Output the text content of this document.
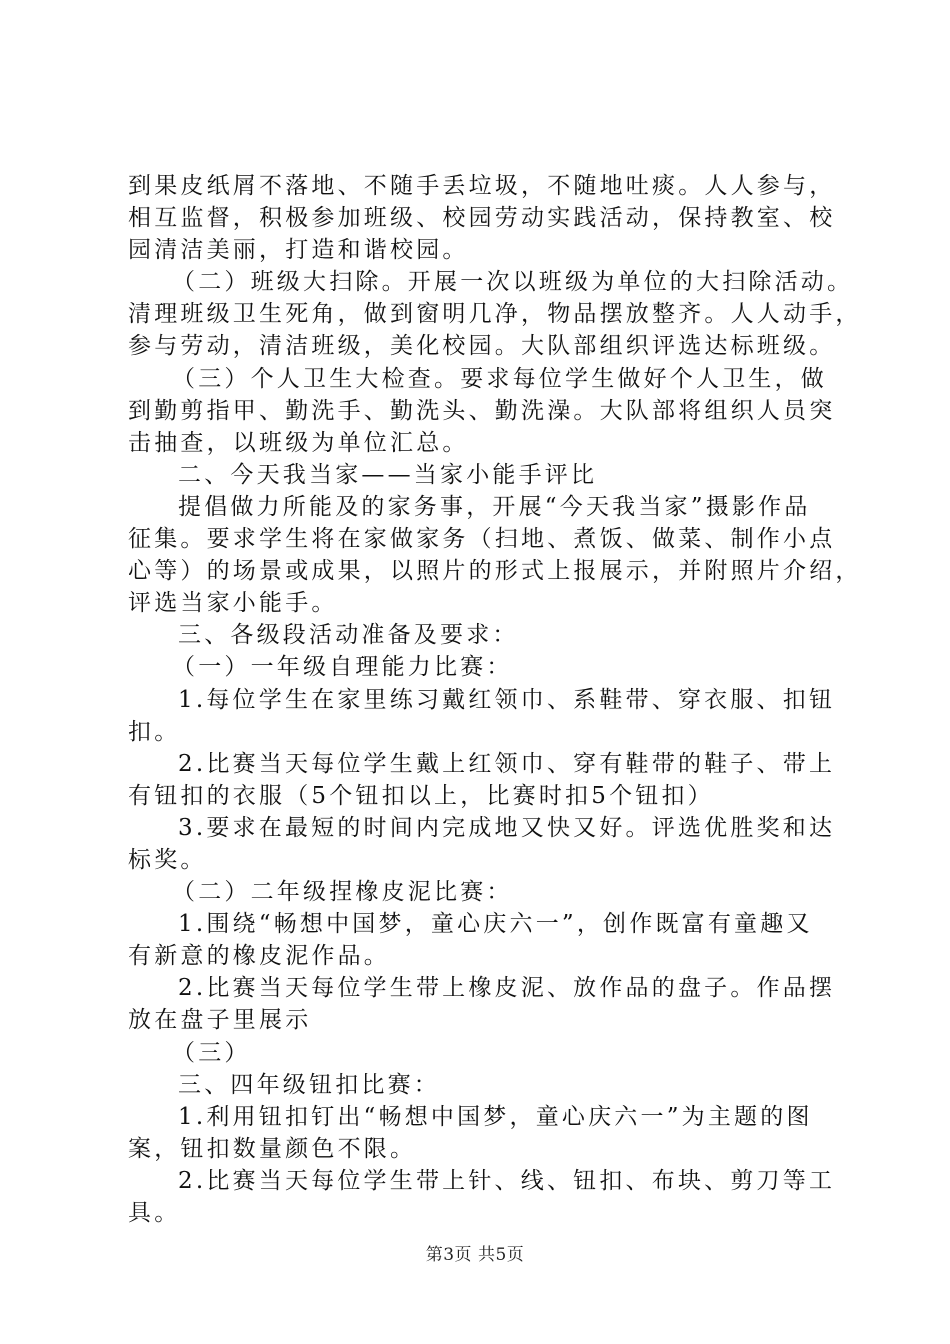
到果皮纸屑不落地、不随手丢垃圾，不随地吐痰。人人参与，
相互监督，积极参加班级、校园劳动实践活动，保持教室、校
园清洁美丽，打造和谐校园。
（二）班级大扫除。开展一次以班级为单位的大扫除活动。
清理班级卫生死角，做到窗明几净，物品摆放整齐。人人动手，
参与劳动，清洁班级，美化校园。大队部组织评选达标班级。
（三）个人卫生大检查。要求每位学生做好个人卫生，做
到勤剪指甲、勤洗手、勤洗头、勤洗澡。大队部将组织人员突
击抽查，以班级为单位汇总。
二、今天我当家——当家小能手评比
提倡做力所能及的家务事，开展“今天我当家”摄影作品
征集。要求学生将在家做家务（扫地、煮饭、做菜、制作小点
心等）的场景或成果，以照片的形式上报展示，并附照片介绍，
评选当家小能手。
三、各级段活动准备及要求：
（一）一年级自理能力比赛：
1.每位学生在家里练习戴红领巾、系鞋带、穿衣服、扣钮
扣。
2.比赛当天每位学生戴上红领巾、穿有鞋带的鞋子、带上
有钮扣的衣服（5个钮扣以上，比赛时扣5个钮扣）
3.要求在最短的时间内完成地又快又好。评选优胜奖和达
标奖。
（二）二年级捏橡皮泥比赛：
1.围绕“畅想中国梦，童心庆六一”，创作既富有童趣又
有新意的橡皮泥作品。
2.比赛当天每位学生带上橡皮泥、放作品的盘子。作品摆
放在盘子里展示
（三）
三、四年级钮扣比赛：
1.利用钮扣钉出“畅想中国梦，童心庆六一”为主题的图
案，钮扣数量颜色不限。
2.比赛当天每位学生带上针、线、钮扣、布块、剪刀等工
具。
第3页 共5页
